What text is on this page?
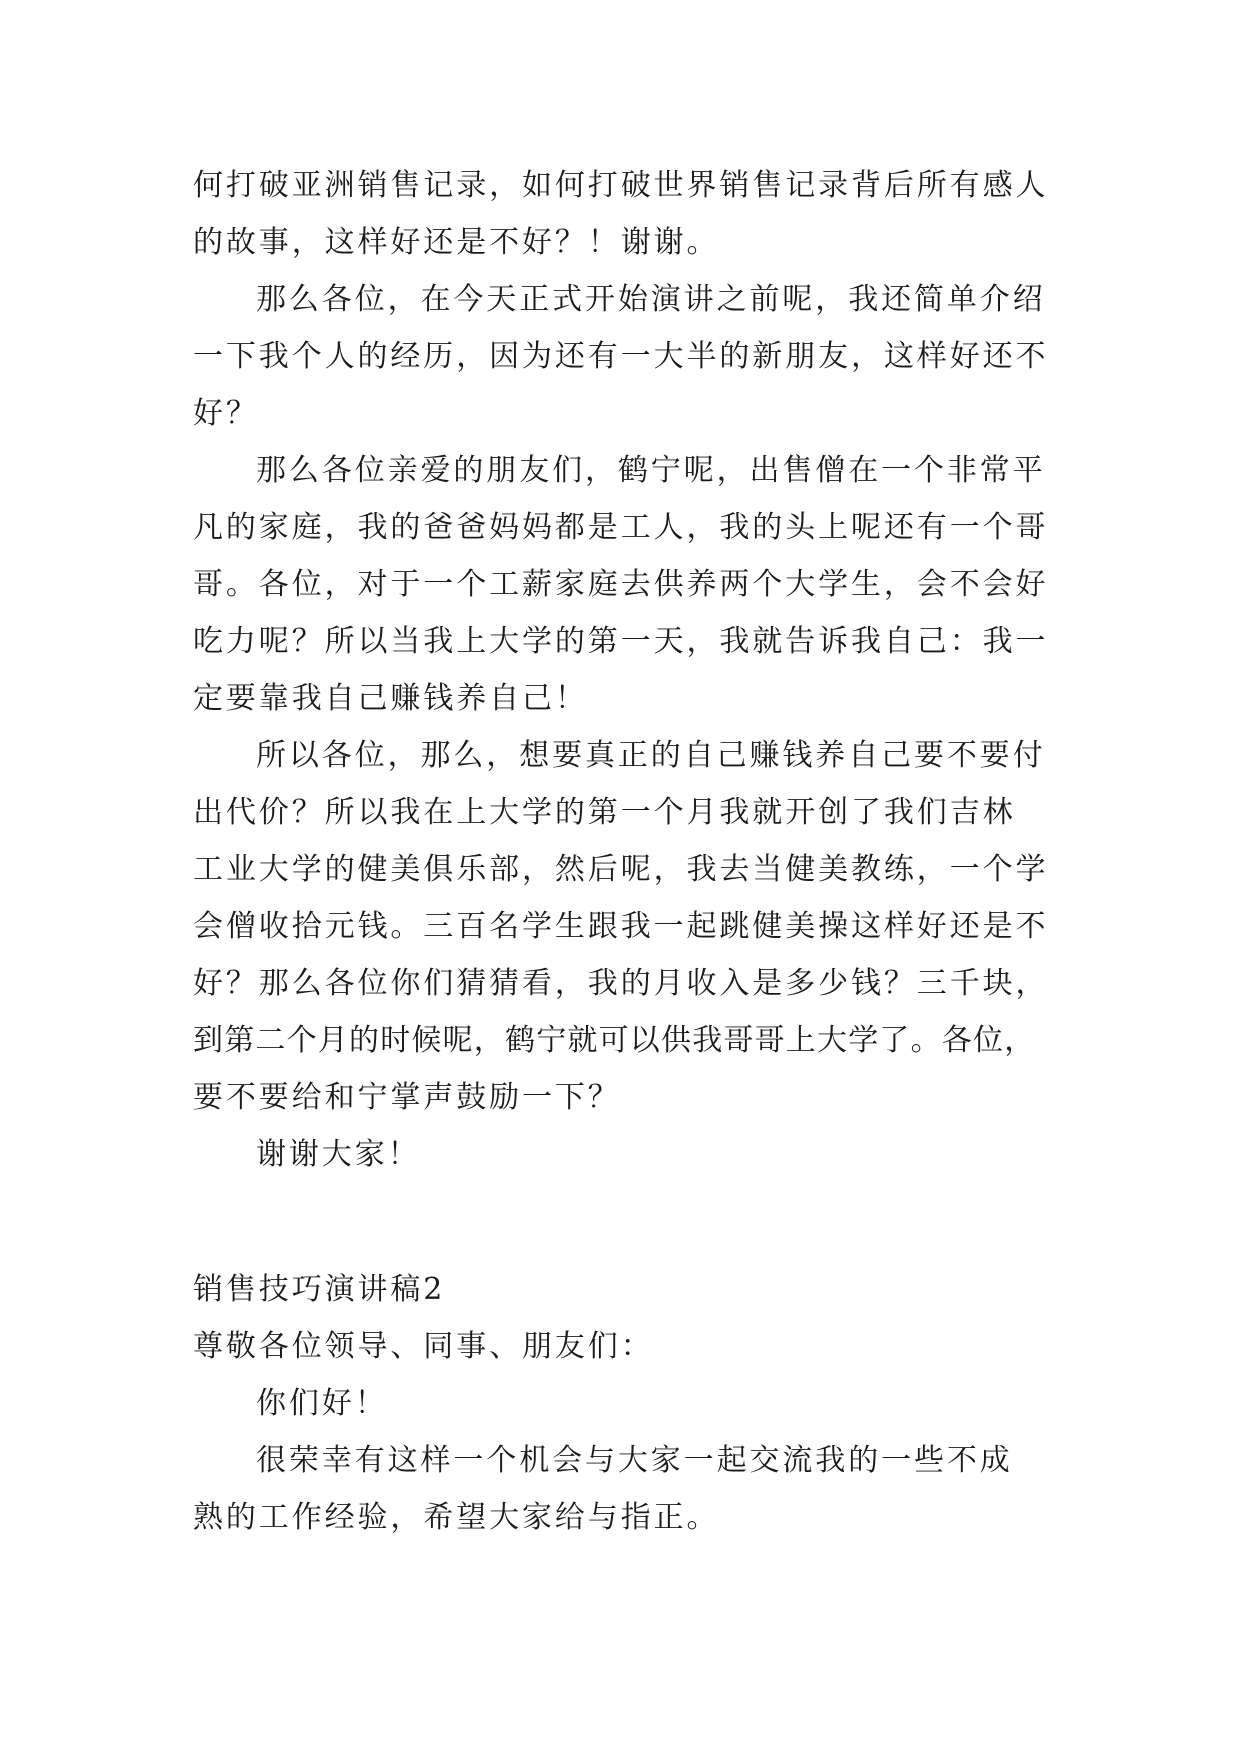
何打破亚洲销售记录，如何打破世界销售记录背后所有感人
的故事，这样好还是不好？！谢谢。
那么各位，在今天正式开始演讲之前呢，我还简单介绍
一下我个人的经历，因为还有一大半的新朋友，这样好还不
好？
那么各位亲爱的朋友们，鹤宁呢，出售僧在一个非常平
凡的家庭，我的爸爸妈妈都是工人，我的头上呢还有一个哥
哥。各位，对于一个工薪家庭去供养两个大学生，会不会好
吃力呢？所以当我上大学的第一天，我就告诉我自己：我一
定要靠我自己赚钱养自己！
所以各位，那么，想要真正的自己赚钱养自己要不要付
出代价？所以我在上大学的第一个月我就开创了我们吉林
工业大学的健美俱乐部，然后呢，我去当健美教练，一个学
会僧收拾元钱。三百名学生跟我一起跳健美操这样好还是不
好？那么各位你们猜猜看，我的月收入是多少钱？三千块，
到第二个月的时候呢，鹤宁就可以供我哥哥上大学了。各位，
要不要给和宁掌声鼓励一下？
谢谢大家！
销售技巧演讲稿2
尊敬各位领导、同事、朋友们：
你们好！
很荣幸有这样一个机会与大家一起交流我的一些不成
熟的工作经验，希望大家给与指正。
